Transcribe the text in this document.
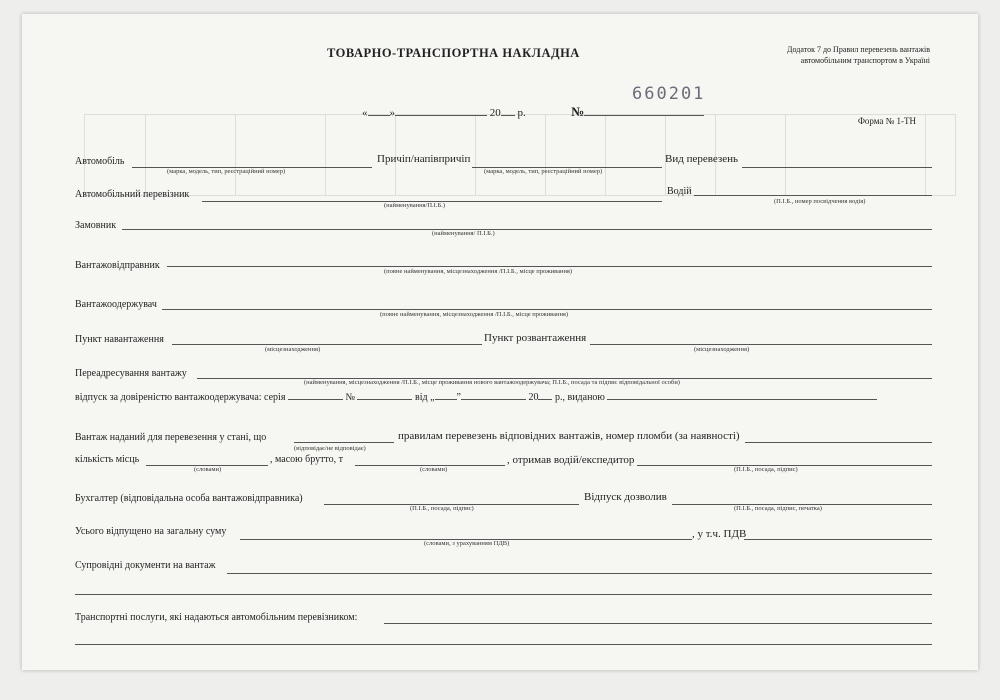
ТОВАРНО-ТРАНСПОРТНА НАКЛАДНА	Додаток 7 до Правил перевезень вантажів автомобільним транспортом в Україні
Форма № 1-ТН
660201
« »	20 р.	№
Автомобіль
(марка, модель, тип, реєстраційний номер)
Причіп/напівпричіп
(марка, модель, тип, реєстраційний номер)
Вид перевезень
Автомобільний перевізник
(найменування/П.І.Б.)
Водій
(П.І.Б., номер посвідчення водія)
Замовник
(найменування/ П.І.Б.)
Вантажовідправник
(повне найменування, місцезнаходження /П.І.Б., місце проживання)
Вантажоодержувач
(повне найменування, місцезнаходження /П.І.Б., місце проживання)
Пункт навантаження
(місцезнаходження)
Пункт розвантаження
(місцезнаходження)
Переадресування вантажу
(найменування, місцезнаходження /П.І.Б., місце проживання нового вантажоодержувача; П.І.Б., посада та підпис відповідальної особи)
відпуск за довіреністю вантажоодержувача: серія	№	від „ ”	20 р., виданою
Вантаж наданий для перевезення у стані, що
(відповідає/не відповідає)
правилам перевезень відповідних вантажів, номер пломби (за наявності)
кількість місць
(словами)
, масою брутто, т
(словами)
, отримав водій/експедитор
(П.І.Б., посада, підпис)
Бухгалтер (відповідальна особа вантажовідправника)
(П.І.Б., посада, підпис)
Відпуск дозволив
(П.І.Б., посада, підпис, печатка)
Усього відпущено на загальну суму
(словами, з урахуванням ПДВ)
, у т.ч. ПДВ
Супровідні документи на вантаж
Транспортні послуги, які надаються автомобільним перевізником:
